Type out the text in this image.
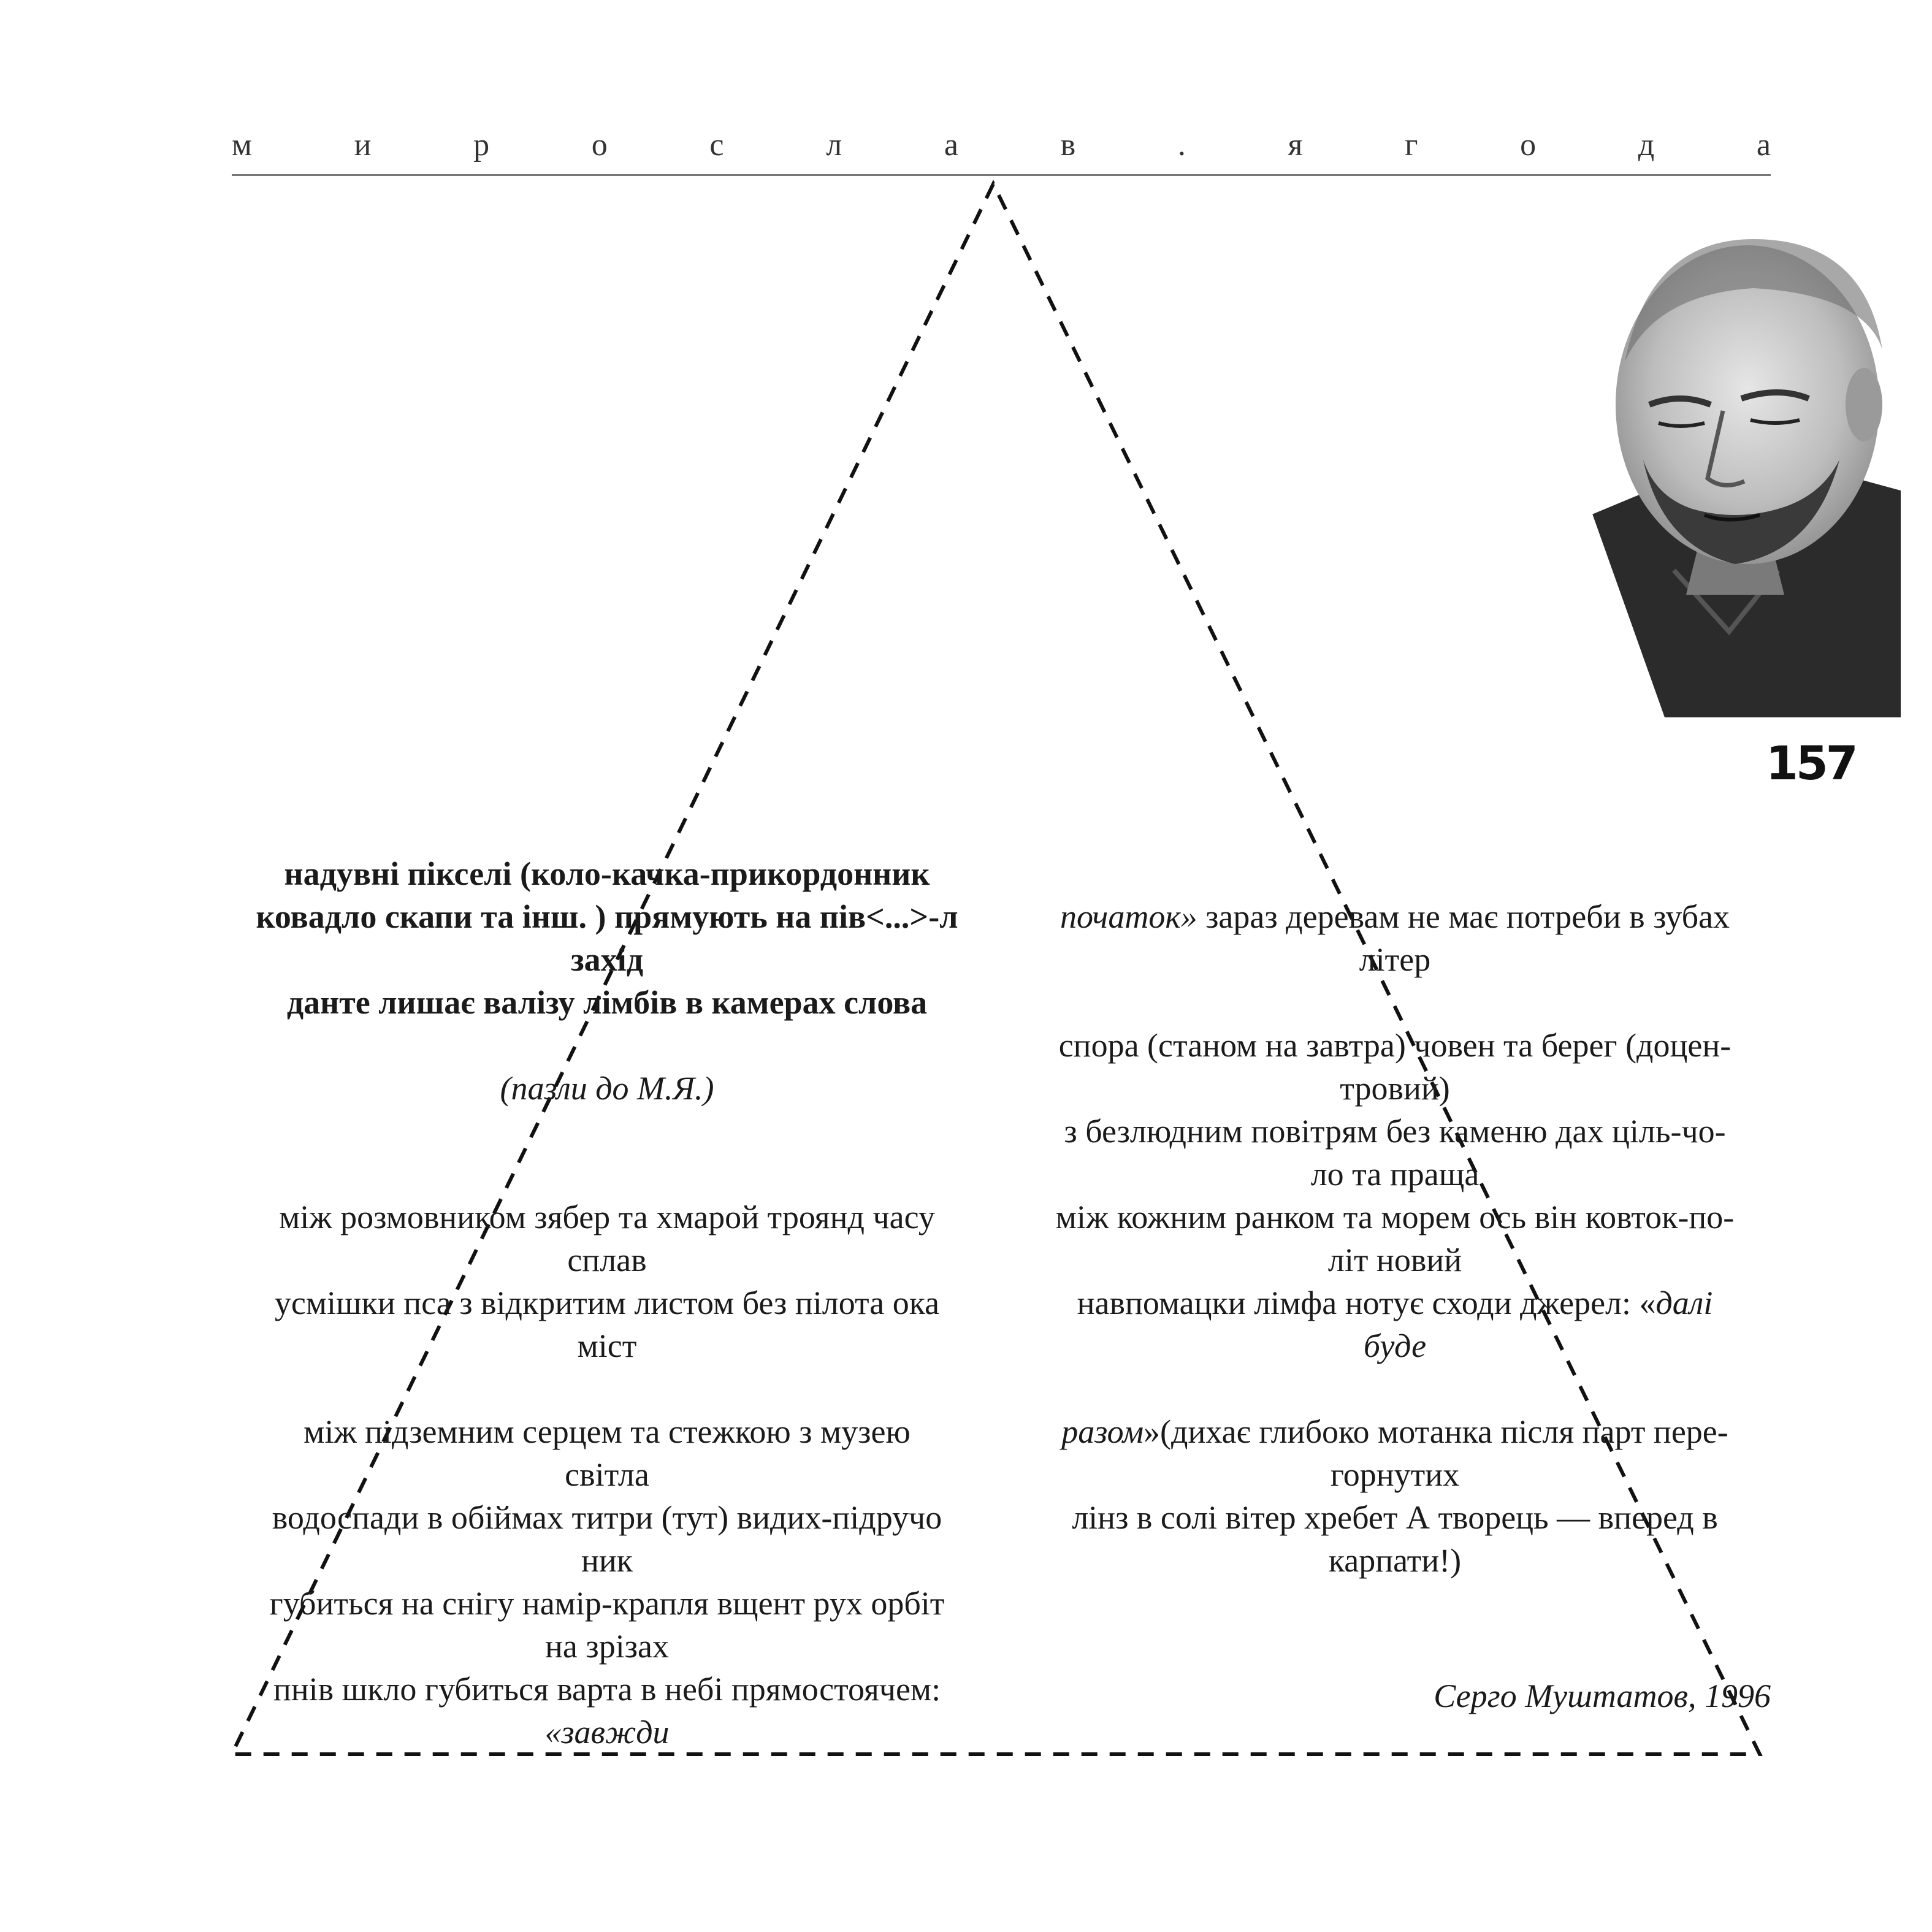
м	и	р	о	с	л	а	в	.	я	г	о	д	а
157

надувні пікселі (коло-качка-прикордонник

ковадло скапи та інш. ) прямують на пів<...>-л

захід

данте лишає валізу лімбів в камерах слова

(пазли до М.Я.)

між розмовником зябер та хмарой троянд часу

сплав

усмішки пса з відкритим листом без пілота ока

міст

між підземним серцем та стежкою з музею

світла

водоспади в обіймах титри (тут) видих-підручо

ник

губиться на снігу намір-крапля вщент рух орбіт

на зрізах

пнів шкло губиться варта в небі прямостоячем:

«завжди

початок» зараз деревам не має потреби в зубах

літер

спора (станом на завтра) човен та берег (доцен-

тровий)

з безлюдним повітрям без каменю дах ціль-чо-

ло та праща

між кожним ранком та морем ось він ковток-по-

літ новий

навпомацки лімфа нотує сходи джерел: «далі

буде

разом»(дихає глибоко мотанка після парт пере-

горнутих

лінз в солі вітер хребет А творець — вперед в

карпати!)

Серго Муштатов, 1996
